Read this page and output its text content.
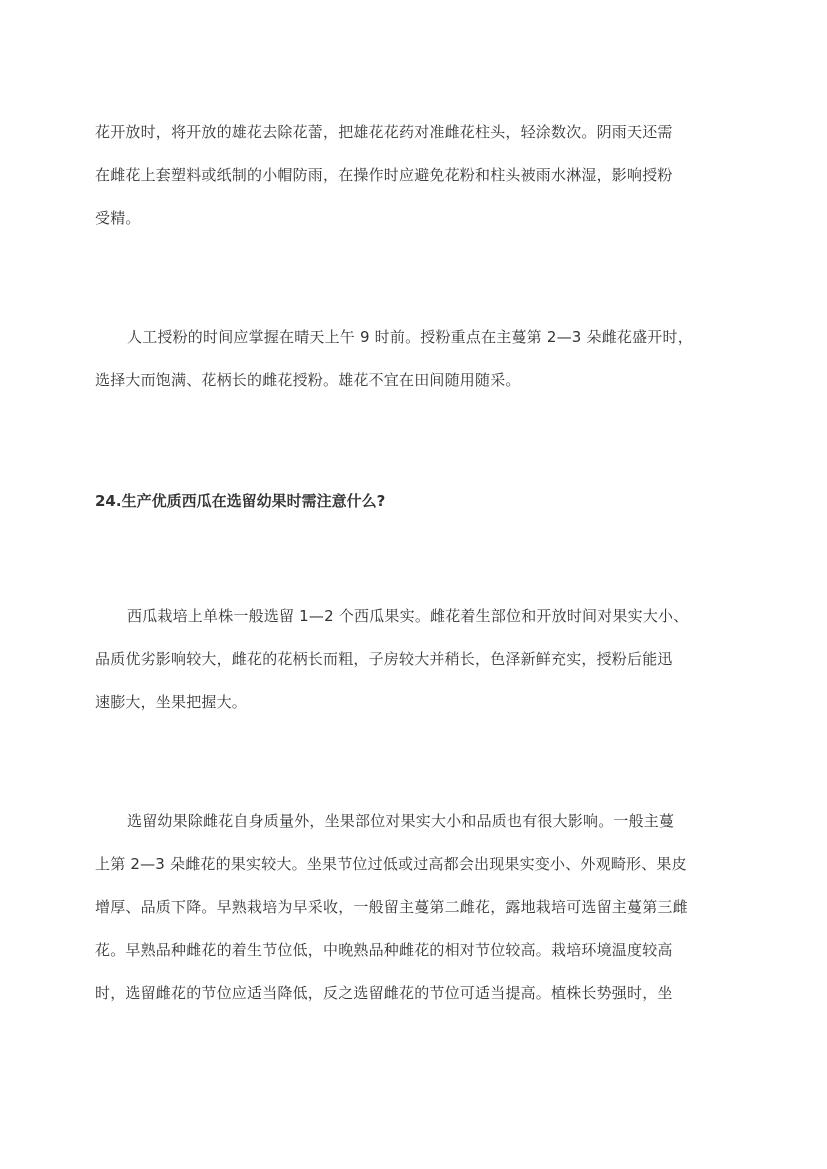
花开放时，将开放的雄花去除花蕾，把雄花花药对准雌花柱头，轻涂数次。阴雨天还需
在雌花上套塑料或纸制的小帽防雨，在操作时应避免花粉和柱头被雨水淋湿，影响授粉
受精。

人工授粉的时间应掌握在晴天上午 9 时前。授粉重点在主蔓第 2—3 朵雌花盛开时，
选择大而饱满、花柄长的雌花授粉。雄花不宜在田间随用随采。

24.生产优质西瓜在选留幼果时需注意什么?

西瓜栽培上单株一般选留 1—2 个西瓜果实。雌花着生部位和开放时间对果实大小、
品质优劣影响较大，雌花的花柄长而粗，子房较大并稍长，色泽新鲜充实，授粉后能迅
速膨大，坐果把握大。

选留幼果除雌花自身质量外，坐果部位对果实大小和品质也有很大影响。一般主蔓
上第 2—3 朵雌花的果实较大。坐果节位过低或过高都会出现果实变小、外观畸形、果皮
增厚、品质下降。早熟栽培为早采收，一般留主蔓第二雌花，露地栽培可选留主蔓第三雌
花。早熟品种雌花的着生节位低，中晚熟品种雌花的相对节位较高。栽培环境温度较高
时，选留雌花的节位应适当降低，反之选留雌花的节位可适当提高。植株长势强时，坐
